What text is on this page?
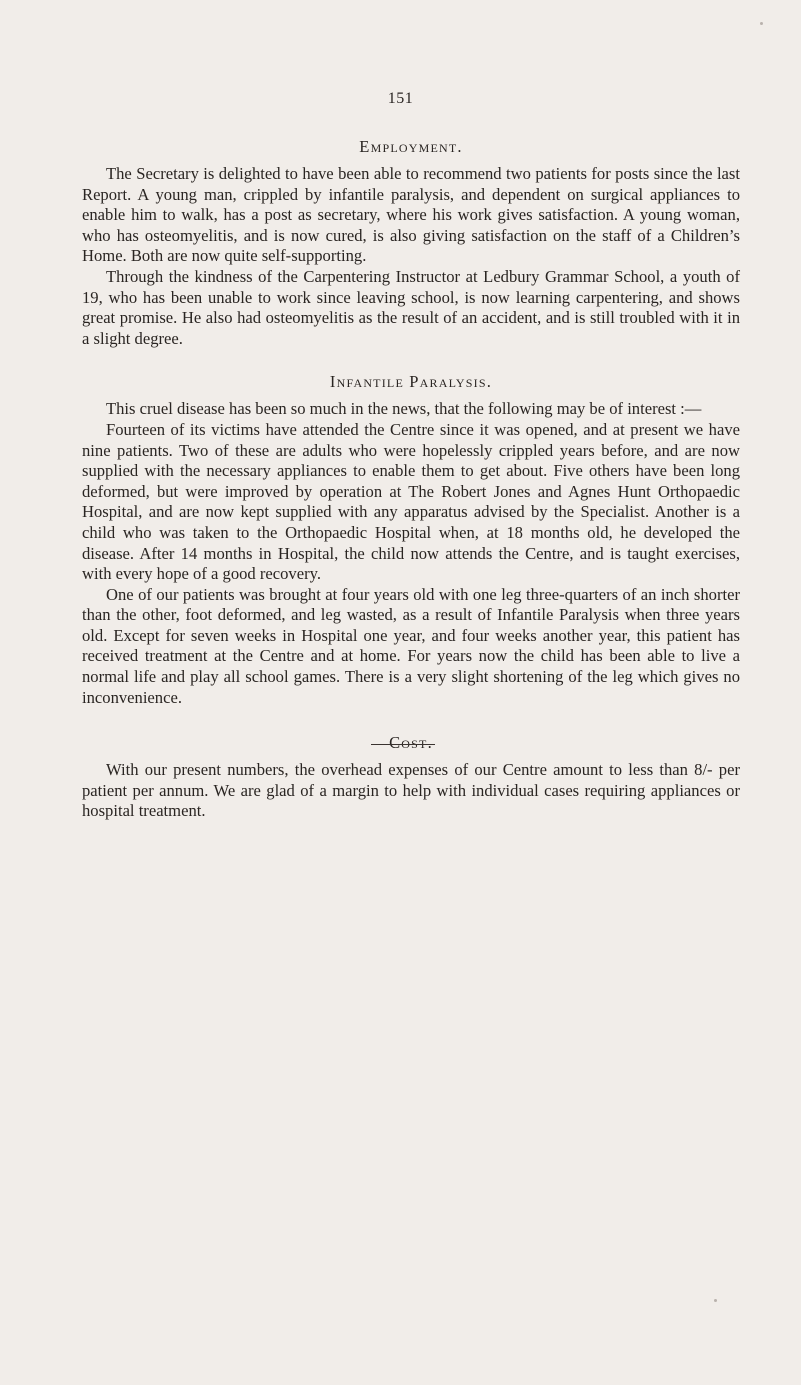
151
Employment.

The Secretary is delighted to have been able to recommend two patients for posts since the last Report. A young man, crippled by infantile paralysis, and dependent on surgical appliances to enable him to walk, has a post as secretary, where his work gives satisfaction. A young woman, who has osteomyelitis, and is now cured, is also giving satisfaction on the staff of a Children’s Home. Both are now quite self-supporting.

Through the kindness of the Carpentering Instructor at Ledbury Grammar School, a youth of 19, who has been unable to work since leaving school, is now learning carpentering, and shows great promise. He also had osteomyelitis as the result of an accident, and is still troubled with it in a slight degree.

Infantile Paralysis.

This cruel disease has been so much in the news, that the following may be of interest :—

Fourteen of its victims have attended the Centre since it was opened, and at present we have nine patients. Two of these are adults who were hopelessly crippled years before, and are now supplied with the necessary appliances to enable them to get about. Five others have been long deformed, but were improved by operation at The Robert Jones and Agnes Hunt Orthopaedic Hospital, and are now kept supplied with any apparatus advised by the Specialist. Another is a child who was taken to the Orthopaedic Hospital when, at 18 months old, he developed the disease. After 14 months in Hospital, the child now attends the Centre, and is taught exercises, with every hope of a good recovery.

One of our patients was brought at four years old with one leg three-quarters of an inch shorter than the other, foot deformed, and leg wasted, as a result of Infantile Paralysis when three years old. Except for seven weeks in Hospital one year, and four weeks another year, this patient has received treatment at the Centre and at home. For years now the child has been able to live a normal life and play all school games. There is a very slight shortening of the leg which gives no inconvenience.

Cost.

With our present numbers, the overhead expenses of our Centre amount to less than 8/- per patient per annum. We are glad of a margin to help with individual cases requiring appliances or hospital treatment.
